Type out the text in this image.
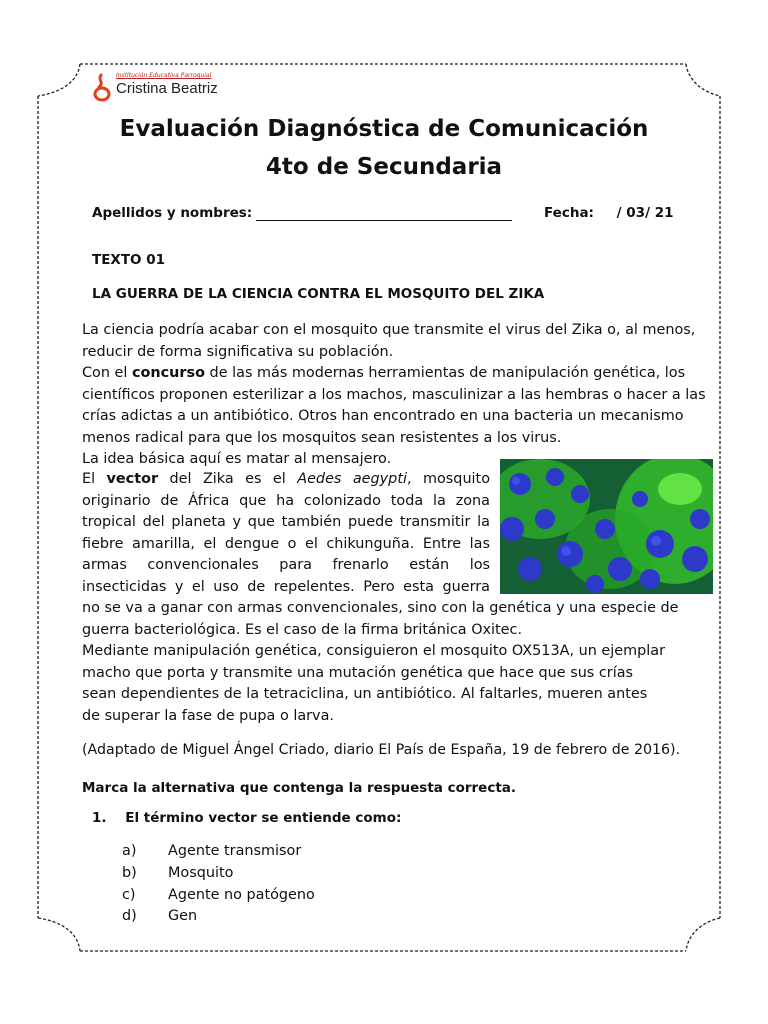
Institución Educativa Parroquial
Cristina Beatriz
Evaluación Diagnóstica de Comunicación
4to de Secundaria
Apellidos y nombres:	Fecha: / 03/ 21
TEXTO 01
LA GUERRA DE LA CIENCIA CONTRA EL MOSQUITO DEL ZIKA

La ciencia podría acabar con el mosquito que transmite el virus del Zika o, al menos, reducir de forma significativa su población.

Con el concurso de las más modernas herramientas de manipulación genética, los científicos proponen esterilizar a los machos, masculinizar a las hembras o hacer a las crías adictas a un antibiótico. Otros han encontrado en una bacteria un mecanismo menos radical para que los mosquitos sean resistentes a los virus.

La idea básica aquí es matar al mensajero.

El vector del Zika es el Aedes aegypti, mosquito
originario de África que ha colonizado toda la zona
tropical del planeta y que también puede transmitir la
fiebre amarilla, el dengue o el chikunguña. Entre las
armas convencionales para frenarlo están los
insecticidas y el uso de repelentes. Pero esta guerra

no se va a ganar con armas convencionales, sino con la genética y una especie de guerra bacteriológica. Es el caso de la firma británica Oxitec.

Mediante manipulación genética, consiguieron el mosquito OX513A, un ejemplar

macho que porta y transmite una mutación genética que hace que sus crías

sean dependientes de la tetraciclina, un antibiótico. Al faltarles, mueren antes

de superar la fase de pupa o larva.

(Adaptado de Miguel Ángel Criado, diario El País de España, 19 de febrero de 2016).
Marca la alternativa que contenga la respuesta correcta.
1. El término vector se entiende como:
a) Agente transmisor
b) Mosquito
c) Agente no patógeno
d) Gen
